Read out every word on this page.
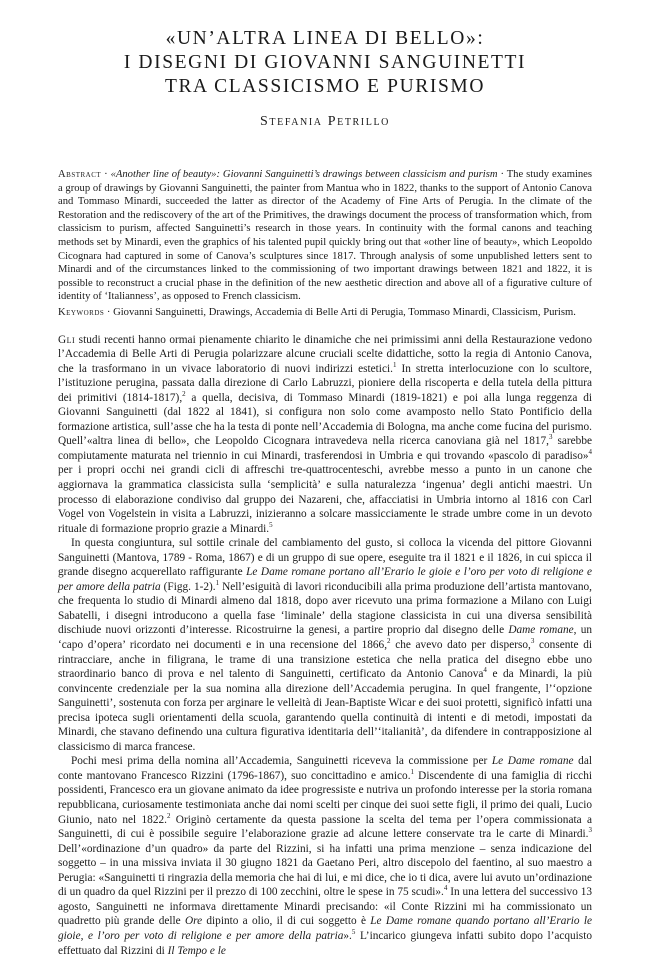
«UN’ALTRA LINEA DI BELLO»:

I DISEGNI DI GIOVANNI SANGUINETTI

TRA CLASSICISMO E PURISMO

Stefania Petrillo
Abstract · «Another line of beauty»: Giovanni Sanguinetti’s drawings between classicism and purism · The study examines a group of drawings by Giovanni Sanguinetti, the painter from Mantua who in 1822, thanks to the support of Antonio Canova and Tommaso Minardi, succeeded the latter as director of the Academy of Fine Arts of Perugia. In the climate of the Restoration and the rediscovery of the art of the Primitives, the drawings document the process of transformation which, from classicism to purism, affected Sanguinetti’s research in those years. In continuity with the formal canons and teaching methods set by Minardi, even the graphics of his talented pupil quickly bring out that «other line of beauty», which Leopoldo Cicognara had captured in some of Canova’s sculptures since 1817. Through analysis of some unpublished letters sent to Minardi and of the circumstances linked to the commissioning of two important drawings between 1821 and 1822, it is possible to reconstruct a crucial phase in the definition of the new aesthetic direction and above all of a figurative culture of identity of ‘Italianness’, as opposed to French classicism.
Keywords · Giovanni Sanguinetti, Drawings, Accademia di Belle Arti di Perugia, Tommaso Minardi, Classicism, Purism.

Gli studi recenti hanno ormai pienamente chiarito le dinamiche che nei primissimi anni della Restaurazione vedono l’Accademia di Belle Arti di Perugia polarizzare alcune cruciali scelte didattiche, sotto la regia di Antonio Canova, che la trasformano in un vivace laboratorio di nuovi indirizzi estetici.$^1$ In stretta interlocuzione con lo scultore, l’istituzione perugina, passata dalla direzione di Carlo Labruzzi, pioniere della riscoperta e della tutela della pittura dei primitivi (1814-1817),$^2$ a quella, decisiva, di Tommaso Minardi (1819-1821) e poi alla lunga reggenza di Giovanni Sanguinetti (dal 1822 al 1841), si configura non solo come avamposto nello Stato Pontificio della formazione artistica, sull’asse che ha la testa di ponte nell’Accademia di Bologna, ma anche come fucina del purismo. Quell’«altra linea di bello», che Leopoldo Cicognara intravedeva nella ricerca canoviana già nel 1817,$^3$ sarebbe compiutamente maturata nel triennio in cui Minardi, trasferendosi in Umbria e qui trovando «pascolo di paradiso»$^4$ per i propri occhi nei grandi cicli di affreschi tre-quattrocenteschi, avrebbe messo a punto in un canone che aggiornava la grammatica classicista sulla ‘semplicità’ e sulla naturalezza ‘ingenua’ degli antichi maestri. Un processo di elaborazione condiviso dal gruppo dei Nazareni, che, affacciatisi in Umbria intorno al 1816 con Carl Vogel von Vogelstein in visita a Labruzzi, inizieranno a solcare massicciamente le strade umbre come in un devoto rituale di formazione proprio grazie a Minardi.$^5$

In questa congiuntura, sul sottile crinale del cambiamento del gusto, si colloca la vicenda del pittore Giovanni Sanguinetti (Mantova, 1789 - Roma, 1867) e di un gruppo di sue opere, eseguite tra il 1821 e il 1826, in cui spicca il grande disegno acquerellato raffigurante Le Dame romane portano all’Erario le gioie e l’oro per voto di religione e per amore della patria (Figg. 1-2).$^1$ Nell’esiguità di lavori riconducibili alla prima produzione dell’artista mantovano, che frequenta lo studio di Minardi almeno dal 1818, dopo aver ricevuto una prima formazione a Milano con Luigi Sabatelli, i disegni introducono a quella fase ‘liminale’ della stagione classicista in cui una diversa sensibilità dischiude nuovi orizzonti d’interesse. Ricostruirne la genesi, a partire proprio dal disegno delle Dame romane, un ‘capo d’opera’ ricordato nei documenti e in una recensione del 1866,$^2$ che avevo dato per disperso,$^3$ consente di rintracciare, anche in filigrana, le trame di una transizione estetica che nella pratica del disegno ebbe uno straordinario banco di prova e nel talento di Sanguinetti, certificato da Antonio Canova$^4$ e da Minardi, la più convincente credenziale per la sua nomina alla direzione dell’Accademia perugina. In quel frangente, l’‘opzione Sanguinetti’, sostenuta con forza per arginare le velleità di Jean-Baptiste Wicar e dei suoi protetti, significò infatti una precisa ipoteca sugli orientamenti della scuola, garantendo quella continuità di intenti e di metodi, impostati da Minardi, che stavano definendo una cultura figurativa identitaria dell’‘italianità’, da difendere in contrapposizione al classicismo di marca francese.

Pochi mesi prima della nomina all’Accademia, Sanguinetti riceveva la commissione per Le Dame romane dal conte mantovano Francesco Rizzini (1796-1867), suo concittadino e amico.$^1$ Discendente di una famiglia di ricchi possidenti, Francesco era un giovane animato da idee progressiste e nutriva un profondo interesse per la storia romana repubblicana, curiosamente testimoniata anche dai nomi scelti per cinque dei suoi sette figli, il primo dei quali, Lucio Giunio, nato nel 1822.$^2$ Originò certamente da questa passione la scelta del tema per l’opera commissionata a Sanguinetti, di cui è possibile seguire l’elaborazione grazie ad alcune lettere conservate tra le carte di Minardi.$^3$ Dell’«ordinazione d’un quadro» da parte del Rizzini, si ha infatti una prima menzione – senza indicazione del soggetto – in una missiva inviata il 30 giugno 1821 da Gaetano Peri, altro discepolo del faentino, al suo maestro a Perugia: «Sanguinetti ti ringrazia della memoria che hai di lui, e mi dice, che io ti dica, avere lui avuto un’ordinazione di un quadro da quel Rizzini per il prezzo di 100 zecchini, oltre le spese in 75 scudi».$^4$ In una lettera del successivo 13 agosto, Sanguinetti ne informava direttamente Minardi precisando: «il Conte Rizzini mi ha commissionato un quadretto più grande delle Ore dipinto a olio, il di cui soggetto è Le Dame romane quando portano all’Erario le gioie, e l’oro per voto di religione e per amore della patria».$^5$ L’incarico giungeva infatti subito dopo l’acquisto effettuato dal Rizzini di Il Tempo e le
